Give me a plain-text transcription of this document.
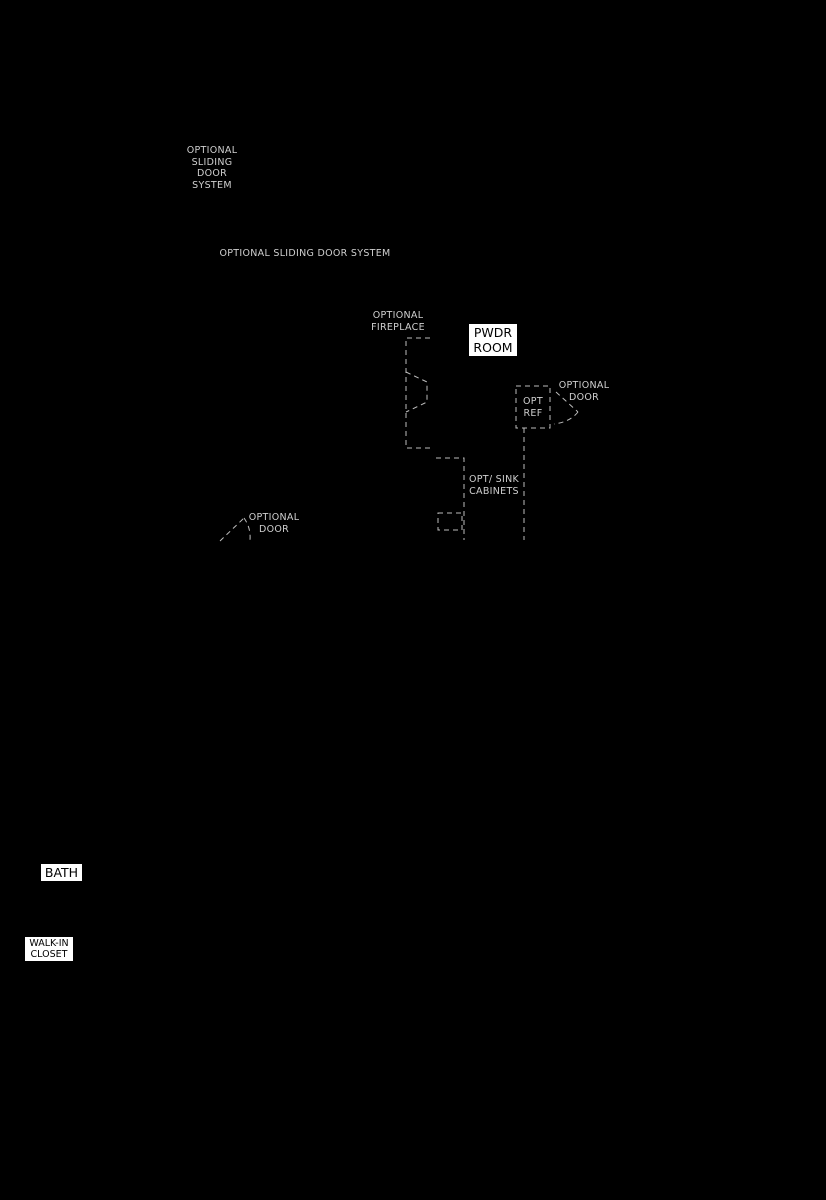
OPTIONAL
SLIDING
DOOR
SYSTEM
OPTIONAL SLIDING DOOR SYSTEM
OPTIONAL
FIREPLACE	PWDR
ROOM
OPT
REF
OPTIONAL
DOOR
OPT/ SINK
CABINETS
OPTIONAL
DOOR
BATH
WALK-IN
CLOSET
